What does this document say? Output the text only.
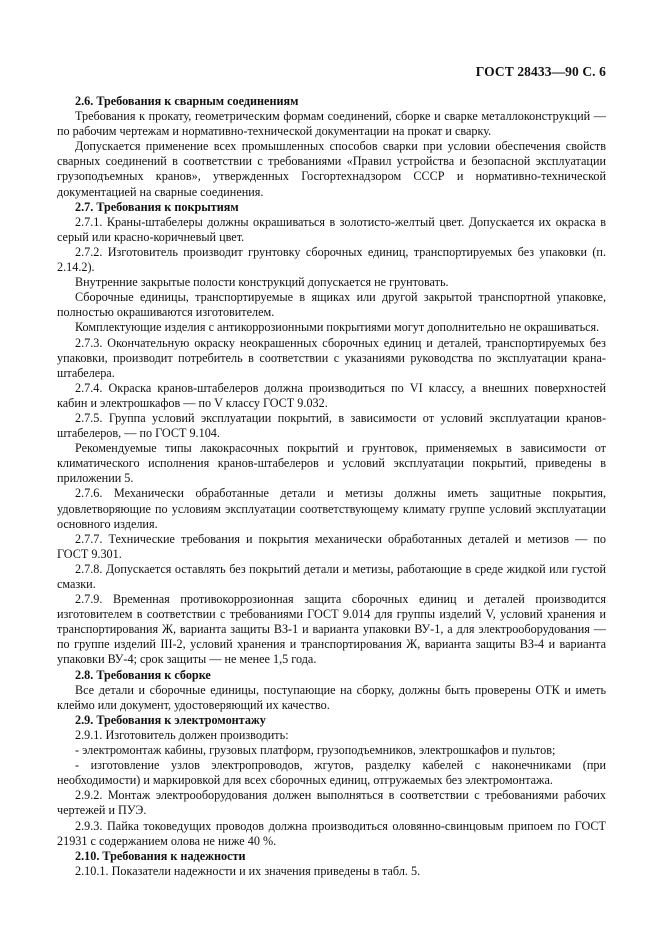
ГОСТ 28433—90 С. 6
2.6. Требования к сварным соединениям

Требования к прокату, геометрическим формам соединений, сборке и сварке металлоконструкций — по рабочим чертежам и нормативно-технической документации на прокат и сварку.

Допускается применение всех промышленных способов сварки при условии обеспечения свойств сварных соединений в соответствии с требованиями «Правил устройства и безопасной эксплуатации грузоподъемных кранов», утвержденных Госгортехнадзором СССР и нормативно-технической документацией на сварные соединения.

2.7. Требования к покрытиям

2.7.1. Краны-штабелеры должны окрашиваться в золотисто-желтый цвет. Допускается их окраска в серый или красно-коричневый цвет.

2.7.2. Изготовитель производит грунтовку сборочных единиц, транспортируемых без упаковки (п. 2.14.2).

Внутренние закрытые полости конструкций допускается не грунтовать.

Сборочные единицы, транспортируемые в ящиках или другой закрытой транспортной упаковке, полностью окрашиваются изготовителем.

Комплектующие изделия с антикоррозионными покрытиями могут дополнительно не окрашиваться.

2.7.3. Окончательную окраску неокрашенных сборочных единиц и деталей, транспортируемых без упаковки, производит потребитель в соответствии с указаниями руководства по эксплуатации крана-штабелера.

2.7.4. Окраска кранов-штабелеров должна производиться по VI классу, а внешних поверхностей кабин и электрошкафов — по V классу ГОСТ 9.032.

2.7.5. Группа условий эксплуатации покрытий, в зависимости от условий эксплуатации кранов-штабелеров, — по ГОСТ 9.104.

Рекомендуемые типы лакокрасочных покрытий и грунтовок, применяемых в зависимости от климатического исполнения кранов-штабелеров и условий эксплуатации покрытий, приведены в приложении 5.

2.7.6. Механически обработанные детали и метизы должны иметь защитные покрытия, удовлетворяющие по условиям эксплуатации соответствующему климату группе условий эксплуатации основного изделия.

2.7.7. Технические требования и покрытия механически обработанных деталей и метизов — по ГОСТ 9.301.

2.7.8. Допускается оставлять без покрытий детали и метизы, работающие в среде жидкой или густой смазки.

2.7.9. Временная противокоррозионная защита сборочных единиц и деталей производится изготовителем в соответствии с требованиями ГОСТ 9.014 для группы изделий V, условий хранения и транспортирования Ж, варианта защиты ВЗ-1 и варианта упаковки ВУ-1, а для электрооборудования — по группе изделий III-2, условий хранения и транспортирования Ж, варианта защиты ВЗ-4 и варианта упаковки ВУ-4; срок защиты — не менее 1,5 года.

2.8. Требования к сборке

Все детали и сборочные единицы, поступающие на сборку, должны быть проверены ОТК и иметь клеймо или документ, удостоверяющий их качество.

2.9. Требования к электромонтажу

2.9.1. Изготовитель должен производить:

- электромонтаж кабины, грузовых платформ, грузоподъемников, электрошкафов и пультов;

- изготовление узлов электропроводов, жгутов, разделку кабелей с наконечниками (при необходимости) и маркировкой для всех сборочных единиц, отгружаемых без электромонтажа.

2.9.2. Монтаж электрооборудования должен выполняться в соответствии с требованиями рабочих чертежей и ПУЭ.

2.9.3. Пайка токоведущих проводов должна производиться оловянно-свинцовым припоем по ГОСТ 21931 с содержанием олова не ниже 40 %.

2.10. Требования к надежности

2.10.1. Показатели надежности и их значения приведены в табл. 5.
